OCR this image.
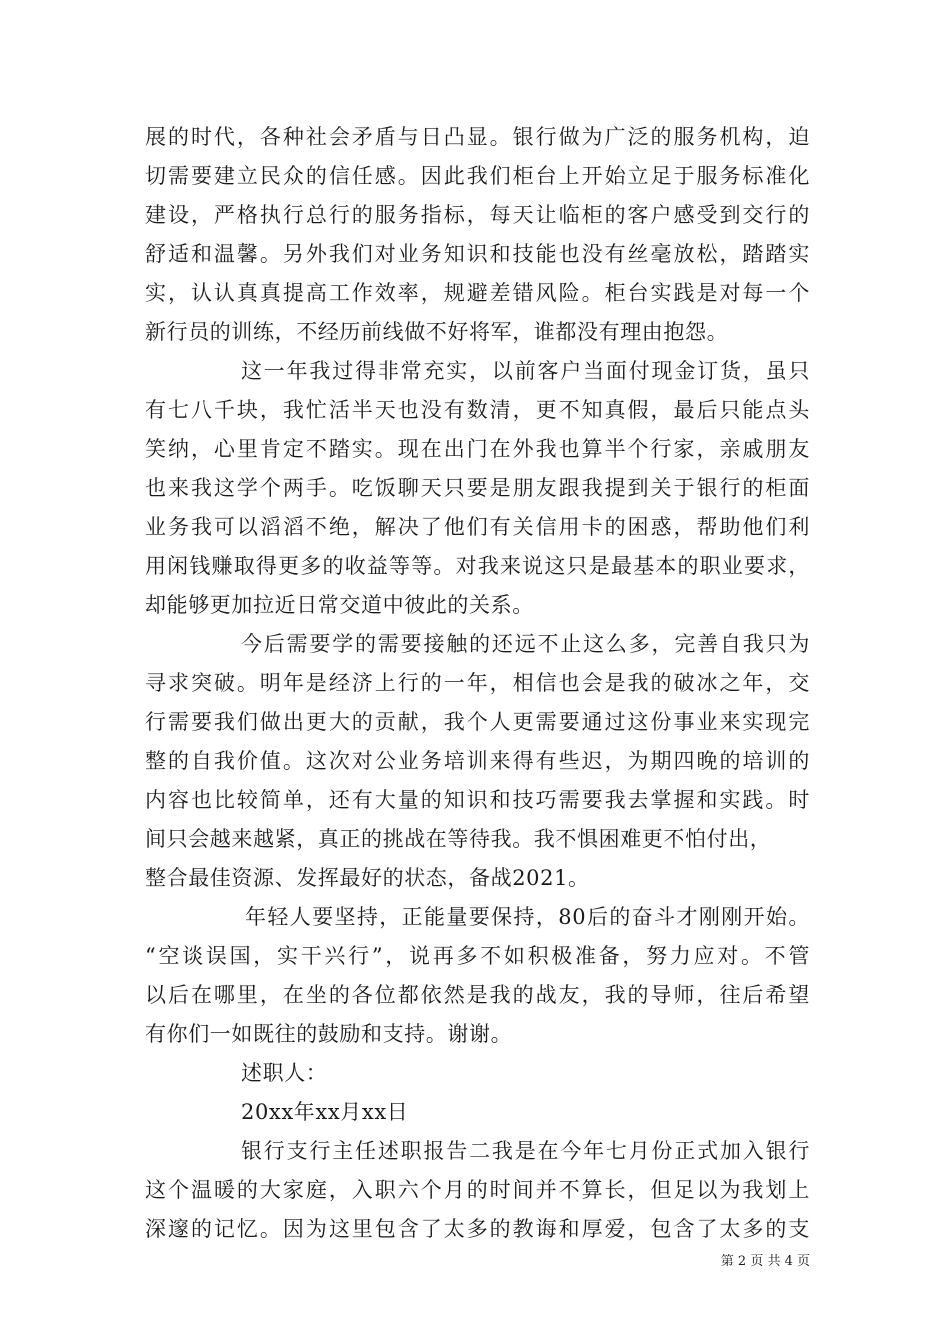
展的时代，各种社会矛盾与日凸显。银行做为广泛的服务机构，迫
切需要建立民众的信任感。因此我们柜台上开始立足于服务标准化
建设，严格执行总行的服务指标，每天让临柜的客户感受到交行的
舒适和温馨。另外我们对业务知识和技能也没有丝毫放松，踏踏实
实，认认真真提高工作效率，规避差错风险。柜台实践是对每一个
新行员的训练，不经历前线做不好将军，谁都没有理由抱怨。
这一年我过得非常充实，以前客户当面付现金订货，虽只
有七八千块，我忙活半天也没有数清，更不知真假，最后只能点头
笑纳，心里肯定不踏实。现在出门在外我也算半个行家，亲戚朋友
也来我这学个两手。吃饭聊天只要是朋友跟我提到关于银行的柜面
业务我可以滔滔不绝，解决了他们有关信用卡的困惑，帮助他们利
用闲钱赚取得更多的收益等等。对我来说这只是最基本的职业要求，
却能够更加拉近日常交道中彼此的关系。
今后需要学的需要接触的还远不止这么多，完善自我只为
寻求突破。明年是经济上行的一年，相信也会是我的破冰之年，交
行需要我们做出更大的贡献，我个人更需要通过这份事业来实现完
整的自我价值。这次对公业务培训来得有些迟，为期四晚的培训的
内容也比较简单，还有大量的知识和技巧需要我去掌握和实践。时
间只会越来越紧，真正的挑战在等待我。我不惧困难更不怕付出，
整合最佳资源、发挥最好的状态，备战2021。
年轻人要坚持，正能量要保持，80后的奋斗才刚刚开始。
“空谈误国，实干兴行”，说再多不如积极准备，努力应对。不管
以后在哪里，在坐的各位都依然是我的战友，我的导师，往后希望
有你们一如既往的鼓励和支持。谢谢。
述职人：
20xx年xx月xx日
银行支行主任述职报告二我是在今年七月份正式加入银行
这个温暖的大家庭，入职六个月的时间并不算长，但足以为我划上
深邃的记忆。因为这里包含了太多的教诲和厚爱，包含了太多的支
第 2 页 共 4 页
